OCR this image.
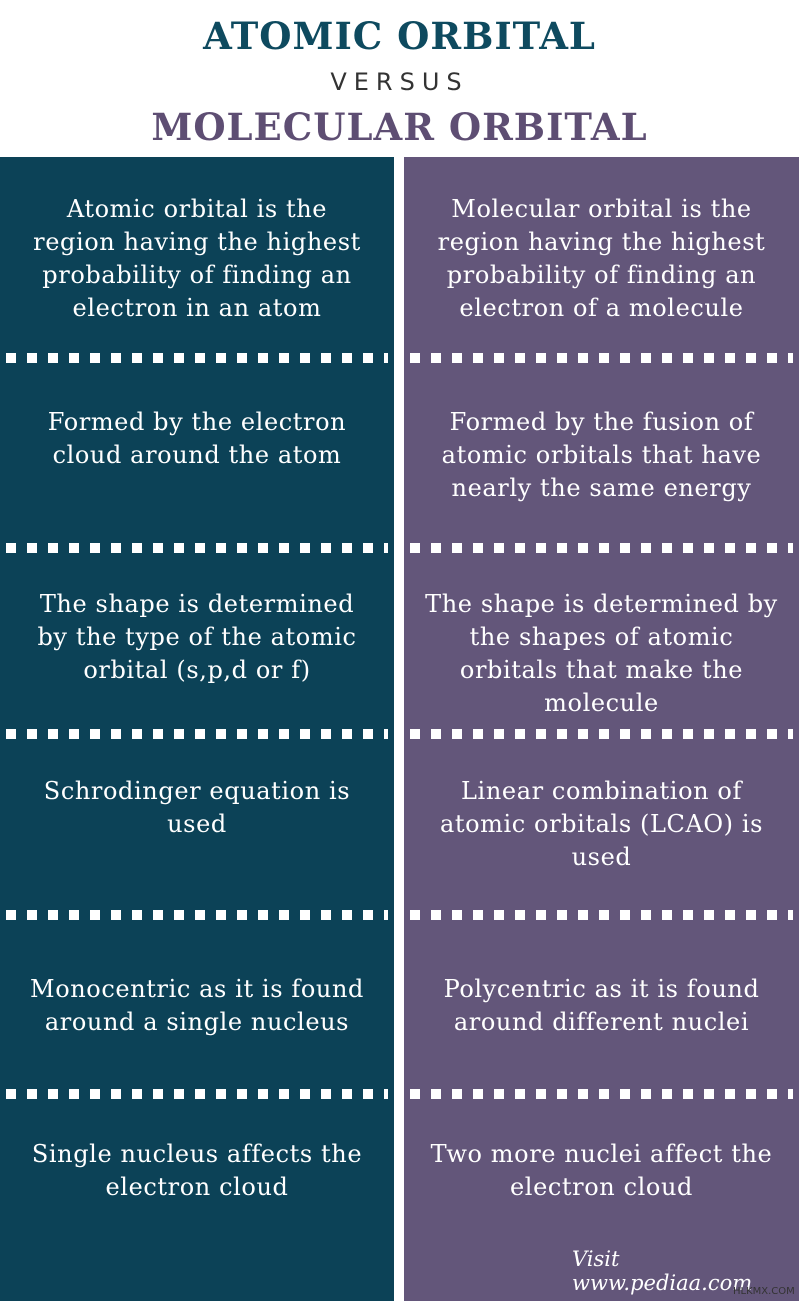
ATOMIC ORBITAL
VERSUS
MOLECULAR ORBITAL
Atomic orbital is the
region having the highest
probability of finding an
electron in an atom
Molecular orbital is the
region having the highest
probability of finding an
electron of a molecule
Formed by the electron
cloud around the atom
Formed by the fusion of
atomic orbitals that have
nearly the same energy
The shape is determined
by the type of the atomic
orbital (s,p,d or f)
The shape is determined by
the shapes of atomic
orbitals that make the
molecule
Schrodinger equation is
used
Linear combination of
atomic orbitals (LCAO) is
used
Monocentric as it is found
around a single nucleus
Polycentric as it is found
around different nuclei
Single nucleus affects the
electron cloud
Two more nuclei affect the
electron cloud
Visit www.pediaa.com
HLKMX.COM
